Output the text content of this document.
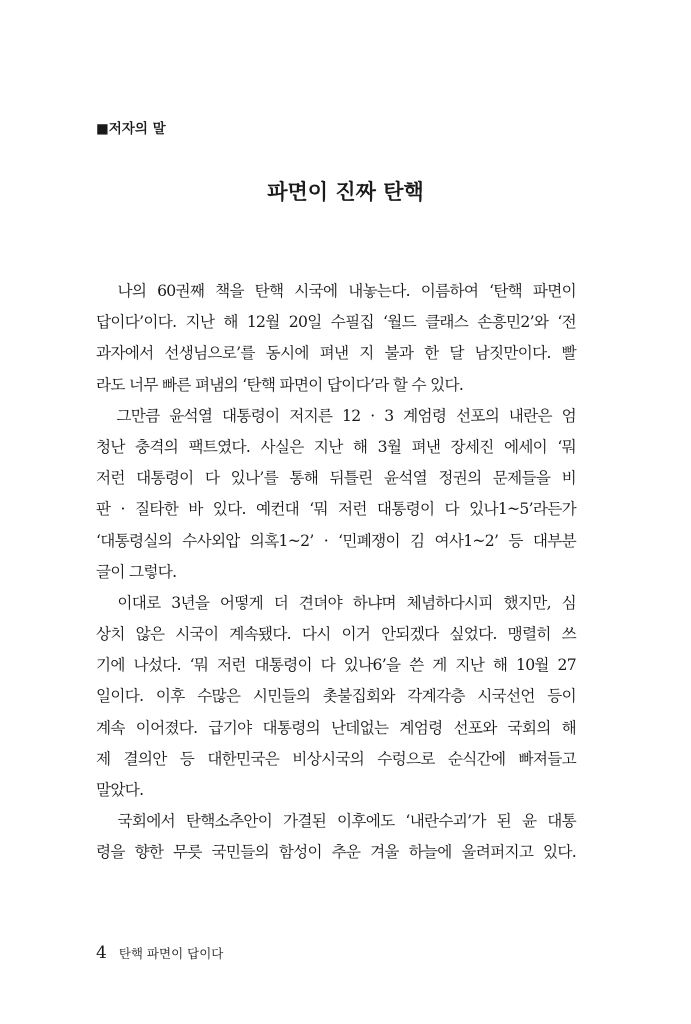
■저자의 말
파면이 진짜 탄핵
　나의 60권째 책을 탄핵 시국에 내놓는다. 이름하여 ‘탄핵 파면이
답이다’이다. 지난 해 12월 20일 수필집 ‘월드 클래스 손흥민2’와 ‘전
과자에서 선생님으로’를 동시에 펴낸 지 불과 한 달 남짓만이다. 빨
라도 너무 빠른 펴냄의 ‘탄핵 파면이 답이다’라 할 수 있다.
　그만큼 윤석열 대통령이 저지른 12 · 3 계엄령 선포의 내란은 엄
청난 충격의 팩트였다. 사실은 지난 해 3월 펴낸 장세진 에세이 ‘뭐
저런 대통령이 다 있나’를 통해 뒤틀린 윤석열 정권의 문제들을 비
판 · 질타한 바 있다. 예컨대 ‘뭐 저런 대통령이 다 있나1~5’라든가
‘대통령실의 수사외압 의혹1~2’ · ‘민폐쟁이 김 여사1~2’ 등 대부분
글이 그렇다.
　이대로 3년을 어떻게 더 견뎌야 하냐며 체념하다시피 했지만, 심
상치 않은 시국이 계속됐다. 다시 이거 안되겠다 싶었다. 맹렬히 쓰
기에 나섰다. ‘뭐 저런 대통령이 다 있나6’을 쓴 게 지난 해 10월 27
일이다. 이후 수많은 시민들의 촛불집회와 각계각층 시국선언 등이
계속 이어졌다. 급기야 대통령의 난데없는 계엄령 선포와 국회의 해
제 결의안 등 대한민국은 비상시국의 수렁으로 순식간에 빠져들고
말았다.
　국회에서 탄핵소추안이 가결된 이후에도 ‘내란수괴’가 된 윤 대통
령을 향한 무릇 국민들의 함성이 추운 겨울 하늘에 울려퍼지고 있다.
4 탄핵 파면이 답이다
